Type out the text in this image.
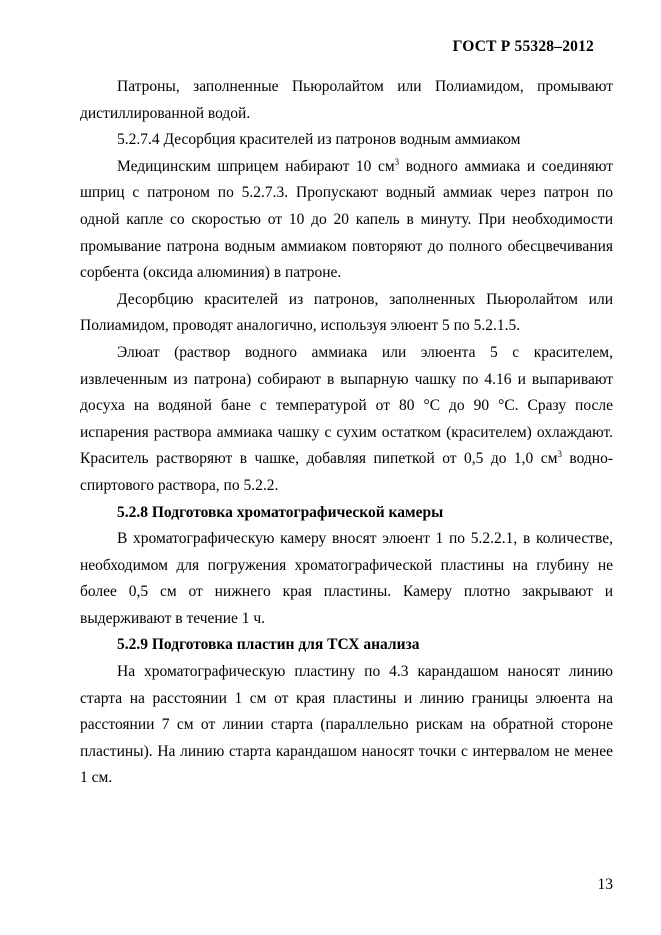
ГОСТ Р 55328–2012

Патроны, заполненные Пьюролайтом или Полиамидом, промывают дистиллированной водой.

5.2.7.4 Десорбция красителей из патронов водным аммиаком

Медицинским шприцем набирают 10 $см^3$ водного аммиака и соединяют шприц с патроном по 5.2.7.3. Пропускают водный аммиак через патрон по одной капле со скоростью от 10 до 20 капель в минуту. При необходимости промывание патрона водным аммиаком повторяют до полного обесцвечивания сорбента (оксида алюминия) в патроне.

Десорбцию красителей из патронов, заполненных Пьюролайтом или Полиамидом, проводят аналогично, используя элюент 5 по 5.2.1.5.

Элюат (раствор водного аммиака или элюента 5 с красителем, извлеченным из патрона) собирают в выпарную чашку по 4.16 и выпаривают досуха на водяной бане с температурой от 80 °C до 90 °C. Сразу после испарения раствора аммиака чашку с сухим остатком (красителем) охлаждают. Краситель растворяют в чашке, добавляя пипеткой от 0,5 до 1,0 $см^3$ водно-спиртового раствора, по 5.2.2.

5.2.8 Подготовка хроматографической камеры

В хроматографическую камеру вносят элюент 1 по 5.2.2.1, в количестве, необходимом для погружения хроматографической пластины на глубину не более 0,5 см от нижнего края пластины. Камеру плотно закрывают и выдерживают в течение 1 ч.

5.2.9 Подготовка пластин для ТСХ анализа

На хроматографическую пластину по 4.3 карандашом наносят линию старта на расстоянии 1 см от края пластины и линию границы элюента на расстоянии 7 см от линии старта (параллельно рискам на обратной стороне пластины). На линию старта карандашом наносят точки с интервалом не менее 1 см.

13
